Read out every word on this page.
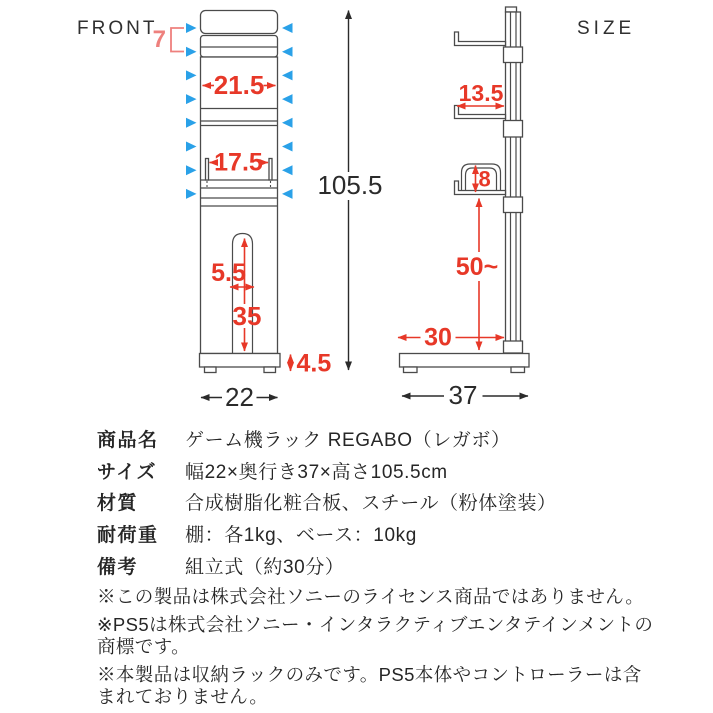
FRONT	SIZE
7
21.5
17.5
5.5
35
4.5
22
105.5
13.5
8
50~
30
37
商品名	ゲーム機ラック REGABO（レガボ）
サイズ	幅22×奥行き37×高さ105.5cm
材質	合成樹脂化粧合板、スチール（粉体塗装）
耐荷重	棚：各1kg、ベース：10kg
備考	組立式（約30分）
※この製品は株式会社ソニーのライセンス商品ではありません。
※PS5は株式会社ソニー・インタラクティブエンタテインメントの
商標です。
※本製品は収納ラックのみです。PS5本体やコントローラーは含
まれておりません。
